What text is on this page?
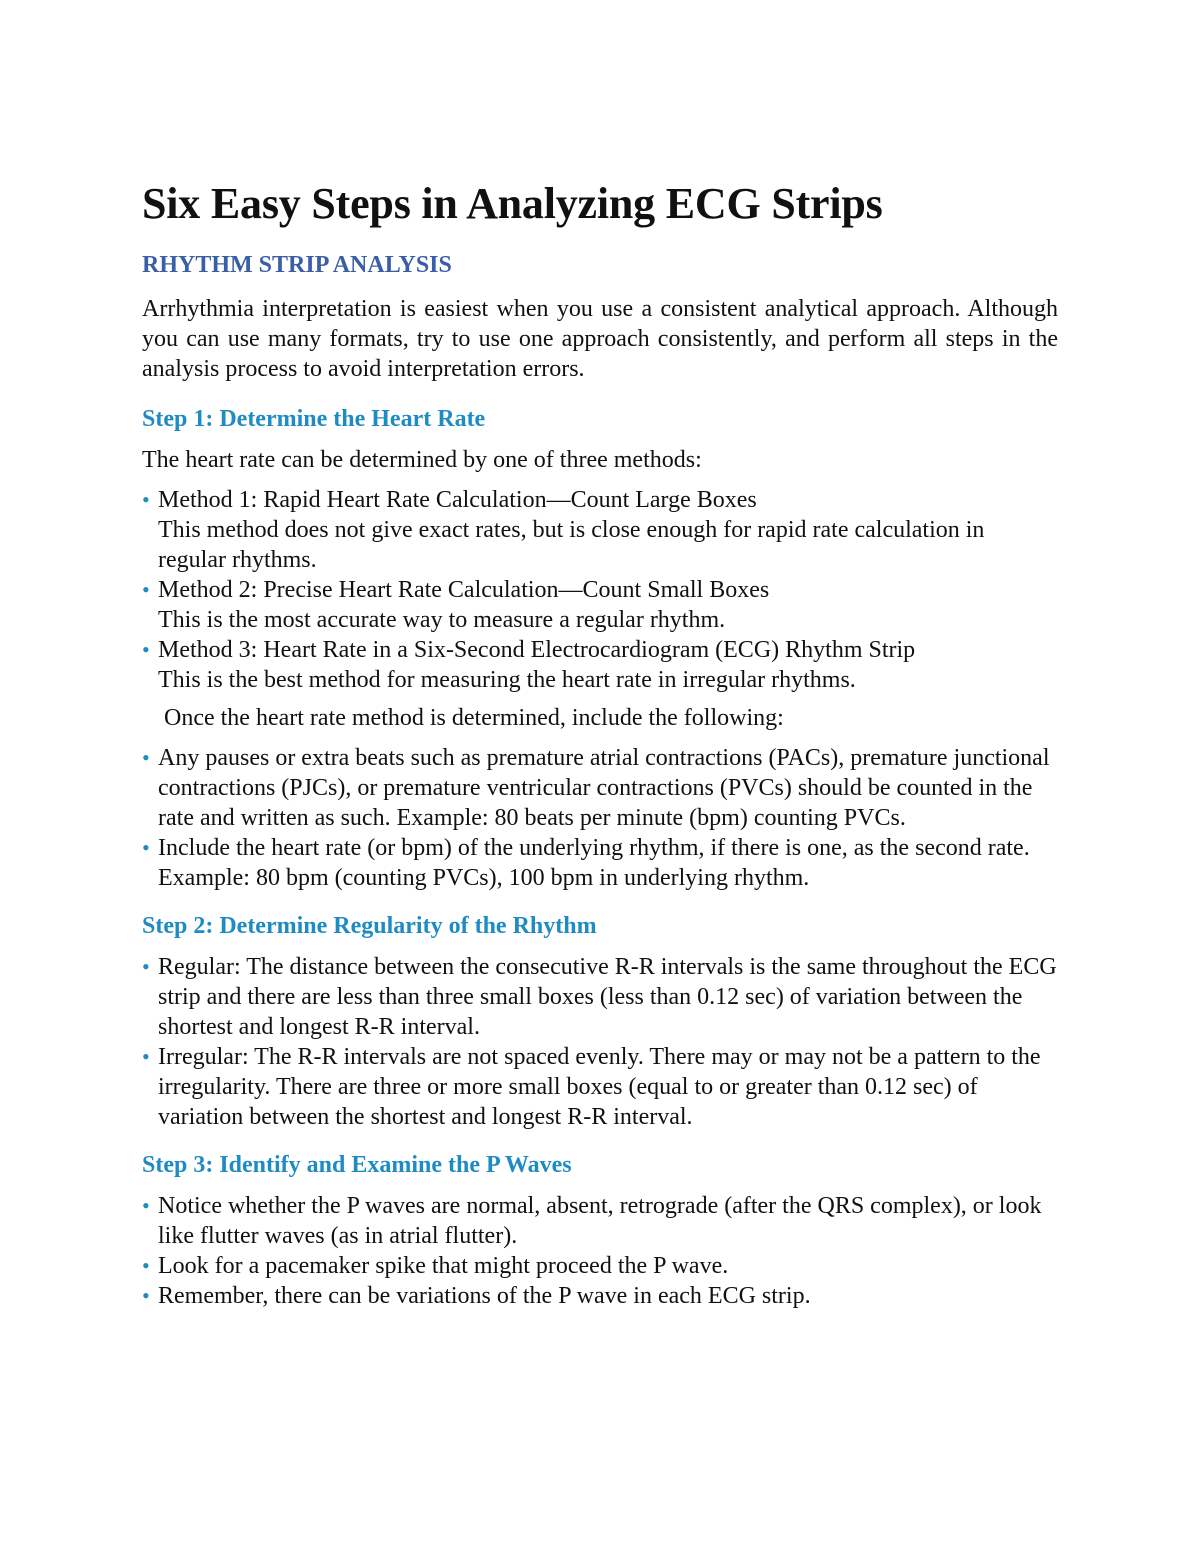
Six Easy Steps in Analyzing ECG Strips
RHYTHM STRIP ANALYSIS

Arrhythmia interpretation is easiest when you use a consistent analytical approach. Although you can use many formats, try to use one approach consistently, and perform all steps in the analysis process to avoid interpretation errors.

Step 1: Determine the Heart Rate

The heart rate can be determined by one of three methods:

• Method 1: Rapid Heart Rate Calculation—Count Large Boxes
This method does not give exact rates, but is close enough for rapid rate calculation in regular rhythms.
• Method 2: Precise Heart Rate Calculation—Count Small Boxes
This is the most accurate way to measure a regular rhythm.
• Method 3: Heart Rate in a Six-Second Electrocardiogram (ECG) Rhythm Strip
This is the best method for measuring the heart rate in irregular rhythms.

Once the heart rate method is determined, include the following:

• Any pauses or extra beats such as premature atrial contractions (PACs), premature junctional contractions (PJCs), or premature ventricular contractions (PVCs) should be counted in the rate and written as such. Example: 80 beats per minute (bpm) counting PVCs.
• Include the heart rate (or bpm) of the underlying rhythm, if there is one, as the second rate. Example: 80 bpm (counting PVCs), 100 bpm in underlying rhythm.
Step 2: Determine Regularity of the Rhythm
• Regular: The distance between the consecutive R-R intervals is the same throughout the ECG strip and there are less than three small boxes (less than 0.12 sec) of variation between the shortest and longest R-R interval.
• Irregular: The R-R intervals are not spaced evenly. There may or may not be a pattern to the irregularity. There are three or more small boxes (equal to or greater than 0.12 sec) of variation between the shortest and longest R-R interval.
Step 3: Identify and Examine the P Waves
• Notice whether the P waves are normal, absent, retrograde (after the QRS complex), or look like flutter waves (as in atrial flutter).
• Look for a pacemaker spike that might proceed the P wave.
• Remember, there can be variations of the P wave in each ECG strip.
